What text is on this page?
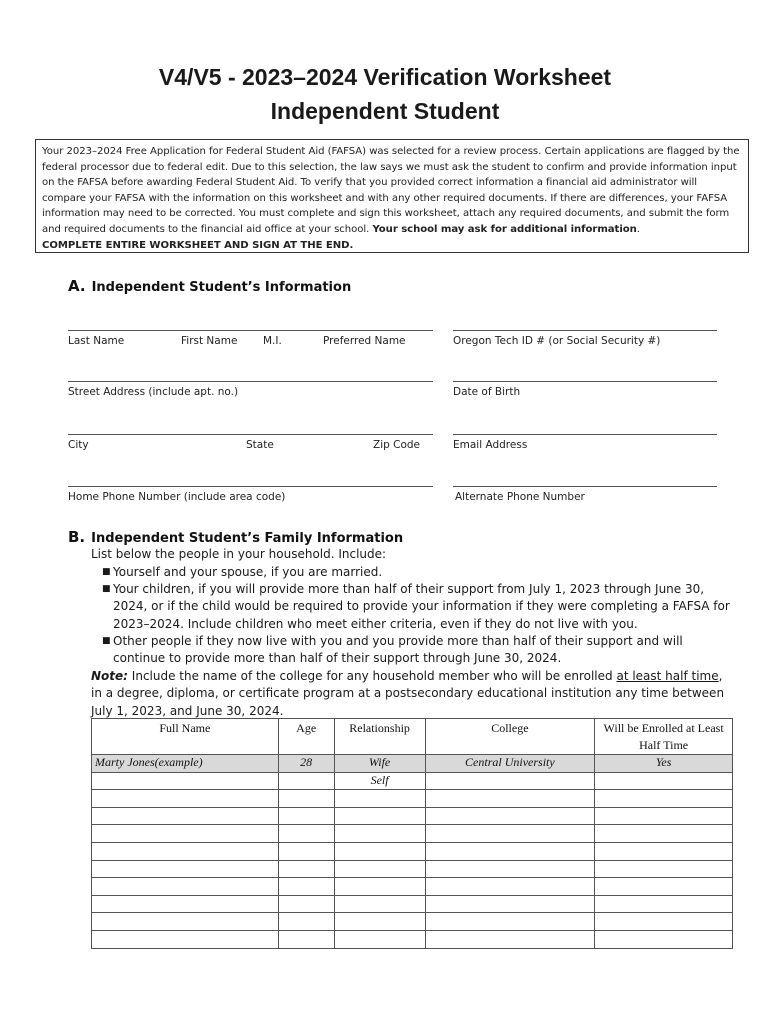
V4/V5 - 2023–2024 Verification Worksheet
Independent Student
Your 2023–2024 Free Application for Federal Student Aid (FAFSA) was selected for a review process. Certain applications are flagged by the federal processor due to federal edit. Due to this selection, the law says we must ask the student to confirm and provide information input on the FAFSA before awarding Federal Student Aid. To verify that you provided correct information a financial aid administrator will compare your FAFSA with the information on this worksheet and with any other required documents. If there are differences, your FAFSA information may need to be corrected. You must complete and sign this worksheet, attach any required documents, and submit the form and required documents to the financial aid office at your school. Your school may ask for additional information.
COMPLETE ENTIRE WORKSHEET AND SIGN AT THE END.
A. Independent Student’s Information
Last Name	First Name M.I.	Preferred Name	Oregon Tech ID # (or Social Security #)
Street Address (include apt. no.)	Date of Birth
City	State	Zip Code	Email Address
Home Phone Number (include area code)	Alternate Phone Number
B. Independent Student’s Family Information
List below the people in your household. Include:
■ Yourself and your spouse, if you are married.
■ Your children, if you will provide more than half of their support from July 1, 2023 through June 30, 2024, or if the child would be required to provide your information if they were completing a FAFSA for 2023–2024. Include children who meet either criteria, even if they do not live with you.
■ Other people if they now live with you and you provide more than half of their support and will continue to provide more than half of their support through June 30, 2024.
Note: Include the name of the college for any household member who will be enrolled at least half time, in a degree, diploma, or certificate program at a postsecondary educational institution any time between July 1, 2023, and June 30, 2024.
Full Name	Age	Relationship	College	Will be Enrolled at Least Half Time
Marty Jones(example)	28	Wife	Central University	Yes
		Self		
